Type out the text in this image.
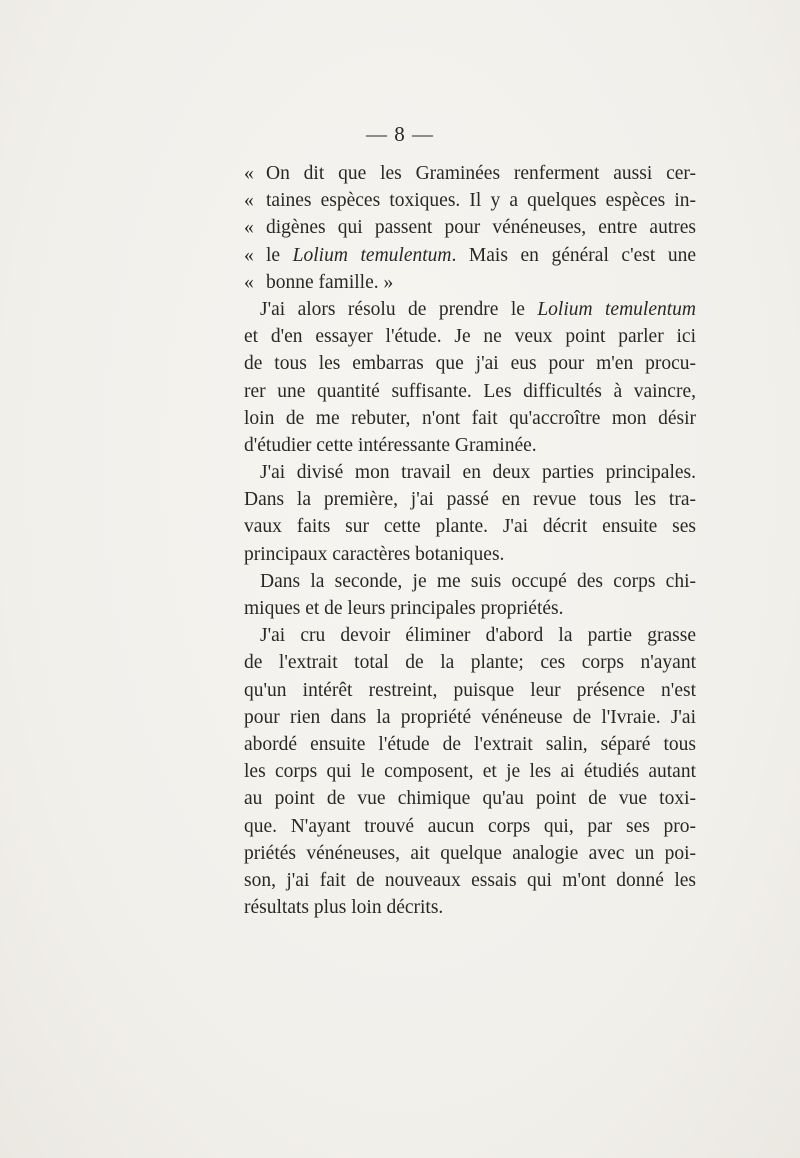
— 8 —
«On dit que les Graminées renferment aussi cer-
«taines espèces toxiques. Il y a quelques espèces in-
«digènes qui passent pour vénéneuses, entre autres
«le Lolium temulentum. Mais en général c'est une
«bonne famille. »
J'ai alors résolu de prendre le Lolium temulentum
et d'en essayer l'étude. Je ne veux point parler ici
de tous les embarras que j'ai eus pour m'en procu-
rer une quantité suffisante. Les difficultés à vaincre,
loin de me rebuter, n'ont fait qu'accroître mon désir
d'étudier cette intéressante Graminée.
J'ai divisé mon travail en deux parties principales.
Dans la première, j'ai passé en revue tous les tra-
vaux faits sur cette plante. J'ai décrit ensuite ses
principaux caractères botaniques.
Dans la seconde, je me suis occupé des corps chi-
miques et de leurs principales propriétés.
J'ai cru devoir éliminer d'abord la partie grasse
de l'extrait total de la plante; ces corps n'ayant
qu'un intérêt restreint, puisque leur présence n'est
pour rien dans la propriété vénéneuse de l'Ivraie. J'ai
abordé ensuite l'étude de l'extrait salin, séparé tous
les corps qui le composent, et je les ai étudiés autant
au point de vue chimique qu'au point de vue toxi-
que. N'ayant trouvé aucun corps qui, par ses pro-
priétés vénéneuses, ait quelque analogie avec un poi-
son, j'ai fait de nouveaux essais qui m'ont donné les
résultats plus loin décrits.
